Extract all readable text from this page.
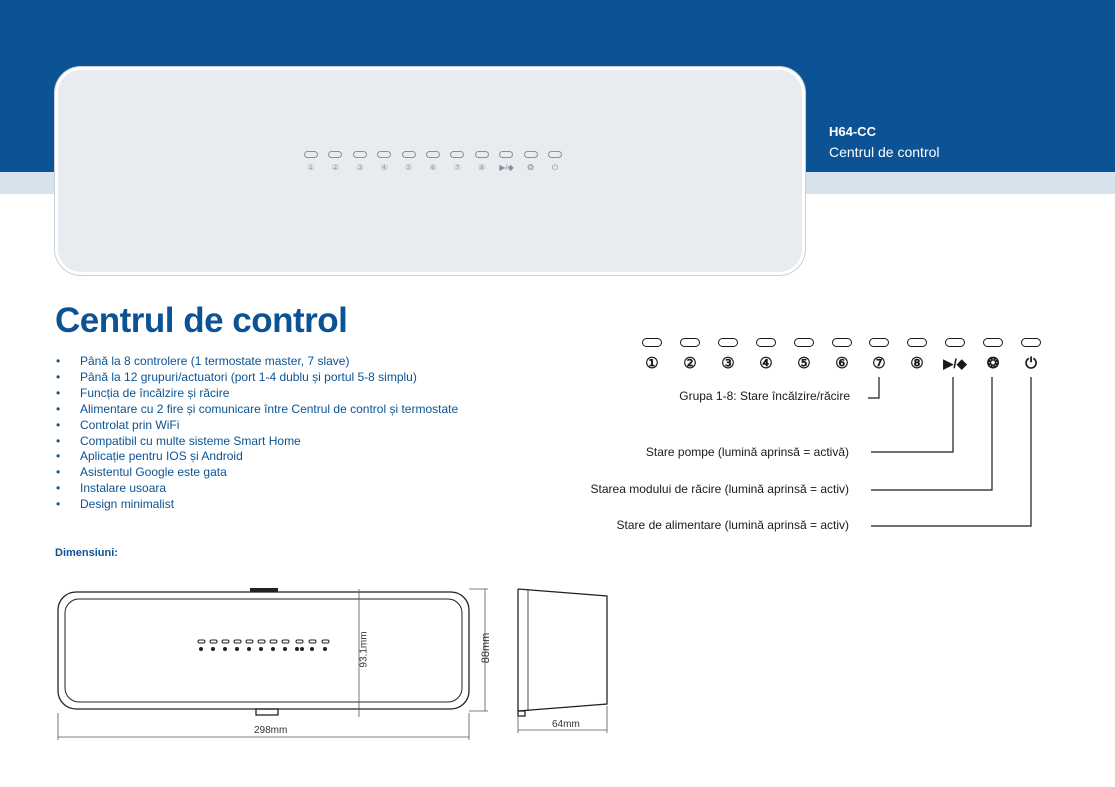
①	②	③	④	⑤	⑥	⑦	⑧	▶/◆	❂	⏻
H64-CC
Centrul de control
Centrul de control
• Până la 8 controlere (1 termostate master, 7 slave)
• Până la 12 grupuri/actuatori (port 1-4 dublu și portul 5-8 simplu)
• Funcția de încălzire și răcire
• Alimentare cu 2 fire și comunicare între Centrul de control și termostate
• Controlat prin WiFi
• Compatibil cu multe sisteme Smart Home
• Aplicație pentru IOS și Android
• Asistentul Google este gata
• Instalare usoara
• Design minimalist
① ② ③ ④ ⑤ ⑥ ⑦ ⑧ ▶/◆ ❂ ⏻
Grupa 1-8: Stare încălzire/răcire
Stare pompe (lumină aprinsă = activă)
Starea modului de răcire (lumină aprinsă = activ)
Stare de alimentare (lumină aprinsă = activ)
Dimensiuni:
298mm
93.1mm	88mm
64mm
